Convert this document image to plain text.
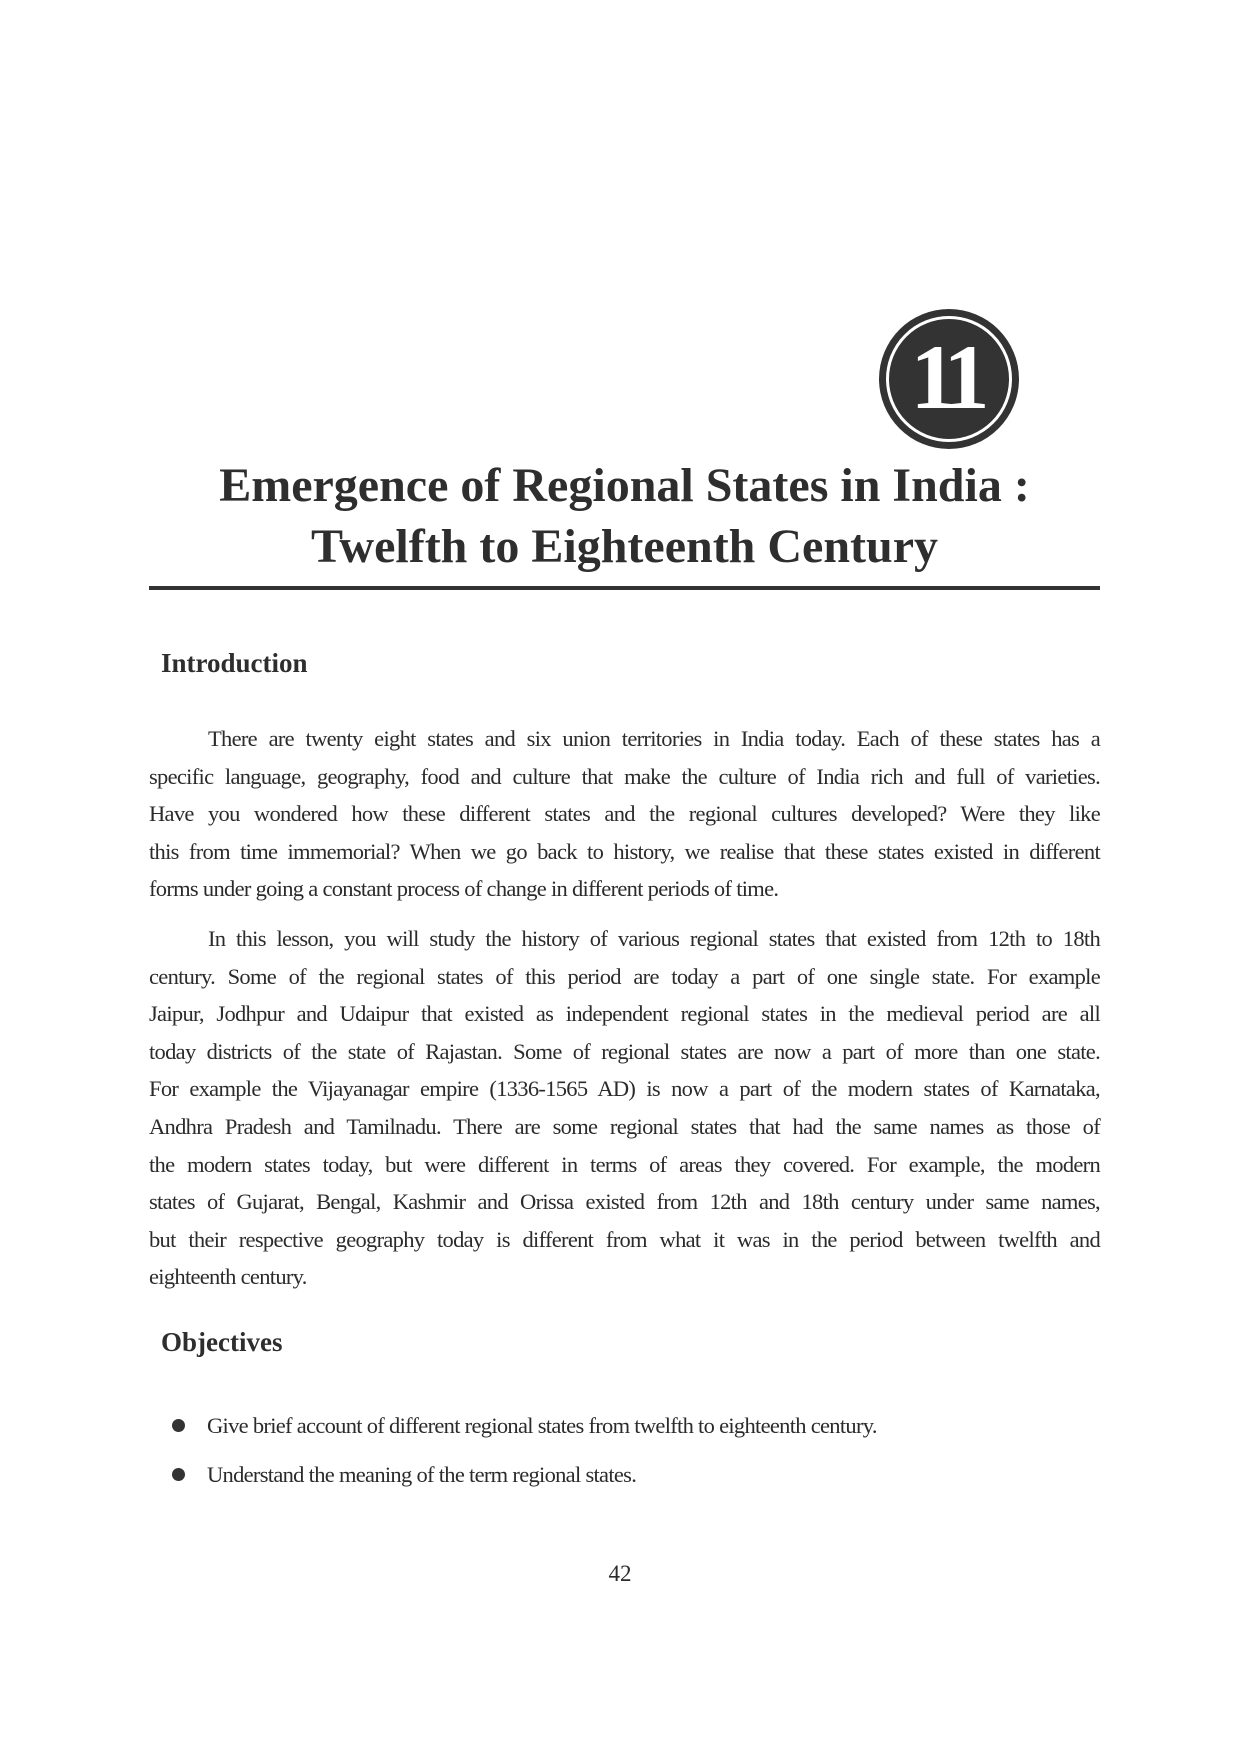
11
Emergence of Regional States in India :
Twelfth to Eighteenth Century
Introduction
There are twenty eight states and six union territories in India today. Each of these states has a
specific language, geography, food and culture that make the culture of India rich and full of varieties.
Have you wondered how these different states and the regional cultures developed? Were they like
this from time immemorial? When we go back to history, we realise that these states existed in different
forms under going a constant process of change in different periods of time.
In this lesson, you will study the history of various regional states that existed from 12th to 18th
century. Some of the regional states of this period are today a part of one single state. For example
Jaipur, Jodhpur and Udaipur that existed as independent regional states in the medieval period are all
today districts of the state of Rajastan. Some of regional states are now a part of more than one state.
For example the Vijayanagar empire (1336-1565 AD) is now a part of the modern states of Karnataka,
Andhra Pradesh and Tamilnadu. There are some regional states that had the same names as those of
the modern states today, but were different in terms of areas they covered. For example, the modern
states of Gujarat, Bengal, Kashmir and Orissa existed from 12th and 18th century under same names,
but their respective geography today is different from what it was in the period between twelfth and
eighteenth century.
Objectives
Give brief account of different regional states from twelfth to eighteenth century.
Understand the meaning of the term regional states.
42
